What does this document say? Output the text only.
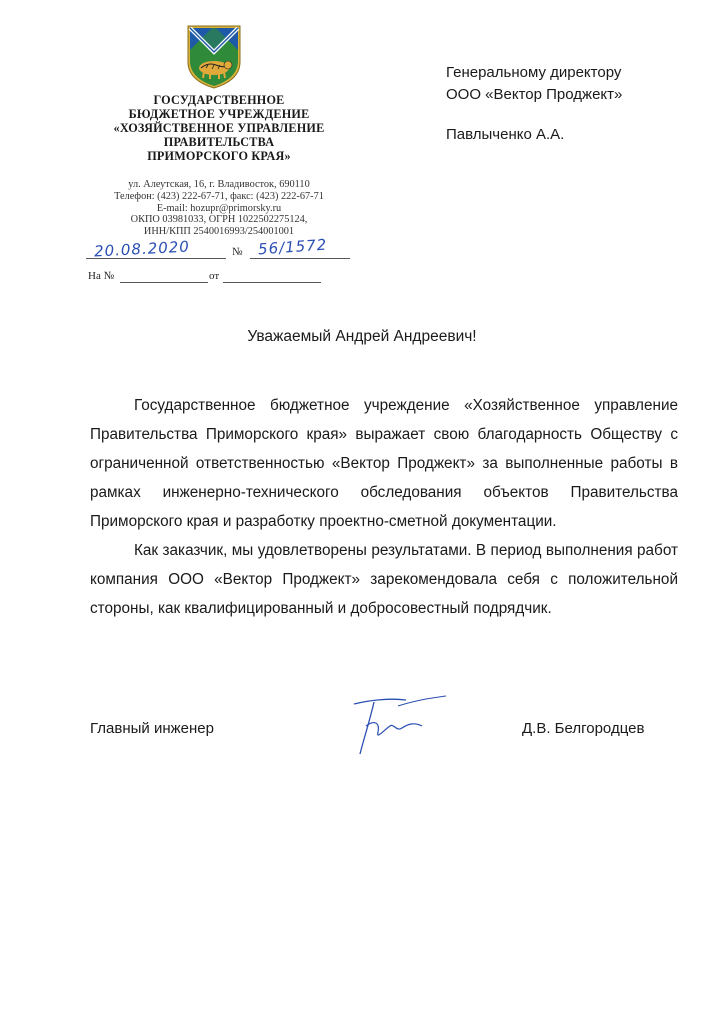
ГОСУДАРСТВЕННОЕ
БЮДЖЕТНОЕ УЧРЕЖДЕНИЕ
«ХОЗЯЙСТВЕННОЕ УПРАВЛЕНИЕ
ПРАВИТЕЛЬСТВА
ПРИМОРСКОГО КРАЯ»
ул. Алеутская, 16, г. Владивосток, 690110
Телефон: (423) 222-67-71, факс: (423) 222-67-71
E-mail: hozupr@primorsky.ru
ОКПО 03981033, ОГРН 1022502275124,
ИНН/КПП 2540016993/254001001
20.08.2020	№ 56/1572
На №	от
Генеральному директору
ООО «Вектор Проджект»
Павлыченко А.А.
Уважаемый Андрей Андреевич!

Государственное бюджетное учреждение «Хозяйственное управление Правительства Приморского края» выражает свою благодарность Обществу с ограниченной ответственностью «Вектор Проджект» за выполненные работы в рамках инженерно-технического обследования объектов Правительства Приморского края и разработку проектно-сметной документации.

Как заказчик, мы удовлетворены результатами. В период выполнения работ компания ООО «Вектор Проджект» зарекомендовала себя с положительной стороны, как квалифицированный и добросовестный подрядчик.

Главный инженер	Д.В. Белгородцев
